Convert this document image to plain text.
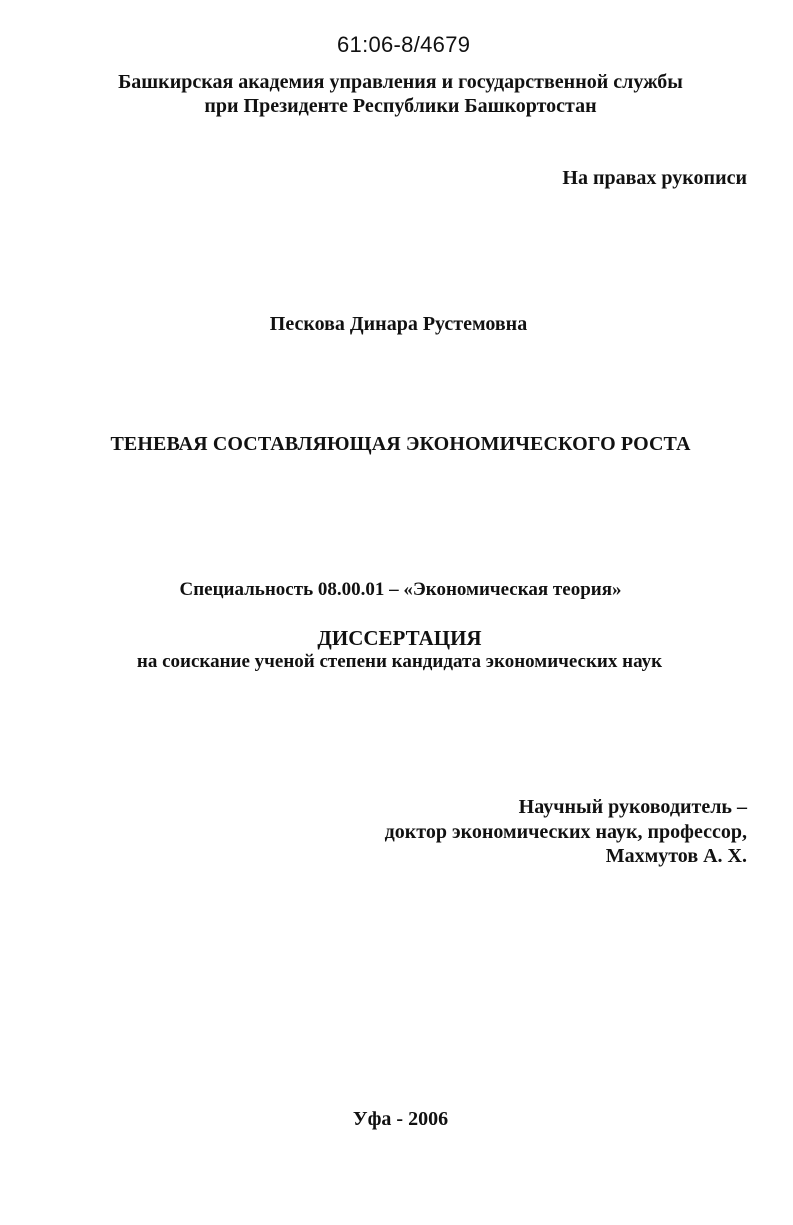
61:06-8/4679
Башкирская академия управления и государственной службы
при Президенте Республики Башкортостан
На правах рукописи
Пескова Динара Рустемовна
ТЕНЕВАЯ СОСТАВЛЯЮЩАЯ ЭКОНОМИЧЕСКОГО РОСТА
Специальность 08.00.01 – «Экономическая теория»
ДИССЕРТАЦИЯ
на соискание ученой степени кандидата экономических наук
Научный руководитель –
доктор экономических наук, профессор,
Махмутов А. Х.
Уфа - 2006
